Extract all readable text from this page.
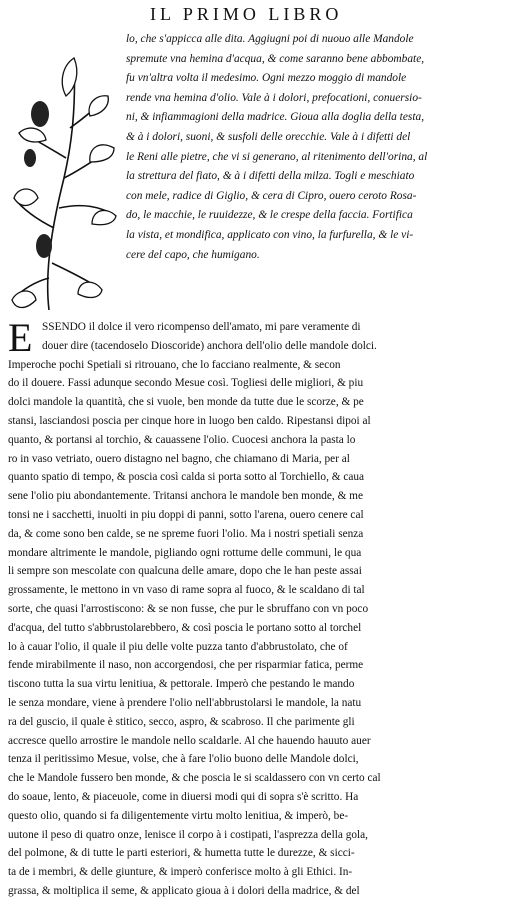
IL PRIMO LIBRO
lo, che s'appicca alle dita. Aggiugni poi di nuouo alle Mandole
spremute vna hemina d'acqua, & come saranno bene abbombate,
fu vn'altra volta il medesimo. Ogni mezzo moggio di mandole
rende vna hemina d'olio. Vale à i dolori, prefocationi, conuersio-
ni, & infiammagioni della madrice. Gioua alla doglia della testa,
& à i dolori, suoni, & susfoli delle orecchie. Vale à i difetti del
le Reni alle pietre, che vi si generano, al ritenimento dell'orina, al
la strettura del fiato, & à i difetti della milza. Togli e meschiato
con mele, radice di Giglio, & cera di Cipro, ouero ceroto Rosa-
do, le macchie, le ruuidezze, & le crespe della faccia. Fortifica
la vista, et mondifica, applicato con vino, la furfurella, & le vi-
cere del capo, che humigano.
E SSENDO il dolce il vero ricompenso dell'amato, mi pare veramente di
douer dire (tacendoselo Dioscoride) anchora dell'olio delle mandole dolci.
Imperoche pochi Spetiali si ritrouano, che lo facciano realmente, & secon
do il douere. Fassi adunque secondo Mesue così. Togliesi delle migliori, & piu
dolci mandole la quantità, che si vuole, ben monde da tutte due le scorze, & pe
stansi, lasciandosi poscia per cinque hore in luogo ben caldo. Ripestansi dipoi al
quanto, & portansi al torchio, & cauassene l'olio. Cuocesi anchora la pasta lo
ro in vaso vetriato, ouero distagno nel bagno, che chiamano di Maria, per al
quanto spatio di tempo, & poscia così calda si porta sotto al Torchiello, & caua
sene l'olio piu abondantemente. Tritansi anchora le mandole ben monde, & me
tonsi ne i sacchetti, inuolti in piu doppi di panni, sotto l'arena, ouero cenere cal
da, & come sono ben calde, se ne spreme fuori l'olio. Ma i nostri spetiali senza
mondare altrimente le mandole, pigliando ogni rottume delle communi, le qua
li sempre son mescolate con qualcuna delle amare, dopo che le han peste assai
grossamente, le mettono in vn vaso di rame sopra al fuoco, & le scaldano di tal
sorte, che quasi l'arrostiscono: & se non fusse, che pur le sbruffano con vn poco
d'acqua, del tutto s'abbrustolarebbero, & così poscia le portano sotto al torchel
lo à cauar l'olio, il quale il piu delle volte puzza tanto d'abbrustolato, che of
fende mirabilmente il naso, non accorgendosi, che per risparmiar fatica, perme
tiscono tutta la sua virtu lenitiua, & pettorale. Imperò che pestando le mando
le senza mondare, viene à prendere l'olio nell'abbrustolarsi le mandole, la natu
ra del guscio, il quale è stitico, secco, aspro, & scabroso. Il che parimente gli
accresce quello arrostire le mandole nello scaldarle. Al che hauendo hauuto auer
tenza il peritissimo Mesue, volse, che à fare l'olio buono delle Mandole dolci,
che le Mandole fussero ben monde, & che poscia le si scaldassero con vn certo cal
do soaue, lento, & piaceuole, come in diuersi modi qui di sopra s'è scritto. Ha
questo olio, quando si fa diligentemente virtu molto lenitiua, & imperò, be-
uutone il peso di quatro onze, lenisce il corpo à i costipati, l'asprezza della gola,
del polmone, & di tutte le parti esteriori, & humetta tutte le durezze, & sicci-
ta de i membri, & delle giunture, & imperò conferisce molto à gli Ethici. In-
grassa, & moltiplica il seme, & applicato gioua à i dolori della madrice, & del
